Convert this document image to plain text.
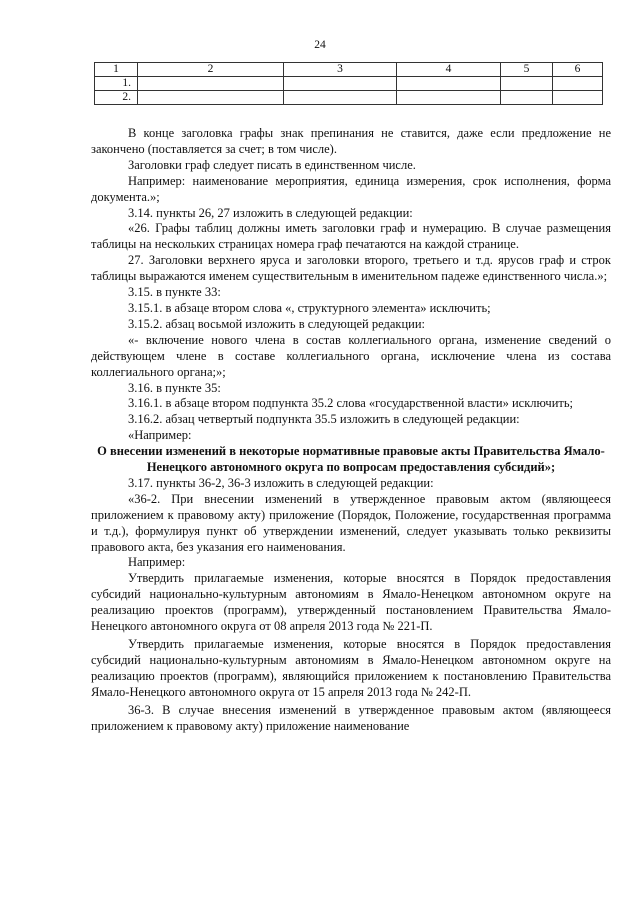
24
1	2	3	4	5	6
1.					
2.					

В конце заголовка графы знак препинания не ставится, даже если предложение не закончено (поставляется за счет; в том числе).

Заголовки граф следует писать в единственном числе.

Например: наименование мероприятия, единица измерения, срок исполнения, форма документа.»;

3.14. пункты 26, 27 изложить в следующей редакции:

«26. Графы таблиц должны иметь заголовки граф и нумерацию. В случае размещения таблицы на нескольких страницах номера граф печатаются на каждой странице.

27. Заголовки верхнего яруса и заголовки второго, третьего и т.д. ярусов граф и строк таблицы выражаются именем существительным в именительном падеже единственного числа.»;

3.15. в пункте 33:

3.15.1. в абзаце втором слова «, структурного элемента» исключить;

3.15.2. абзац восьмой изложить в следующей редакции:

«- включение нового члена в состав коллегиального органа, изменение сведений о действующем члене в составе коллегиального органа, исключение члена из состава коллегиального органа;»;

3.16. в пункте 35:

3.16.1. в абзаце втором подпункта 35.2 слова «государственной власти» исключить;

3.16.2. абзац четвертый подпункта 35.5 изложить в следующей редакции:

«Например:

О внесении изменений в некоторые нормативные правовые акты Правительства Ямало-Ненецкого автономного округа по вопросам предоставления субсидий»;

3.17. пункты 36-2, 36-3 изложить в следующей редакции:

«36-2. При внесении изменений в утвержденное правовым актом (являющееся приложением к правовому акту) приложение (Порядок, Положение, государственная программа и т.д.), формулируя пункт об утверждении изменений, следует указывать только реквизиты правового акта, без указания его наименования.

Например:

Утвердить прилагаемые изменения, которые вносятся в Порядок предоставления субсидий национально-культурным автономиям в Ямало-Ненецком автономном округе на реализацию проектов (программ), утвержденный постановлением Правительства Ямало-Ненецкого автономного округа от 08 апреля 2013 года № 221-П.

Утвердить прилагаемые изменения, которые вносятся в Порядок предоставления субсидий национально-культурным автономиям в Ямало-Ненецком автономном округе на реализацию проектов (программ), являющийся приложением к постановлению Правительства Ямало-Ненецкого автономного округа от 15 апреля 2013 года № 242-П.

36-3. В случае внесения изменений в утвержденное правовым актом (являющееся приложением к правовому акту) приложение наименование
